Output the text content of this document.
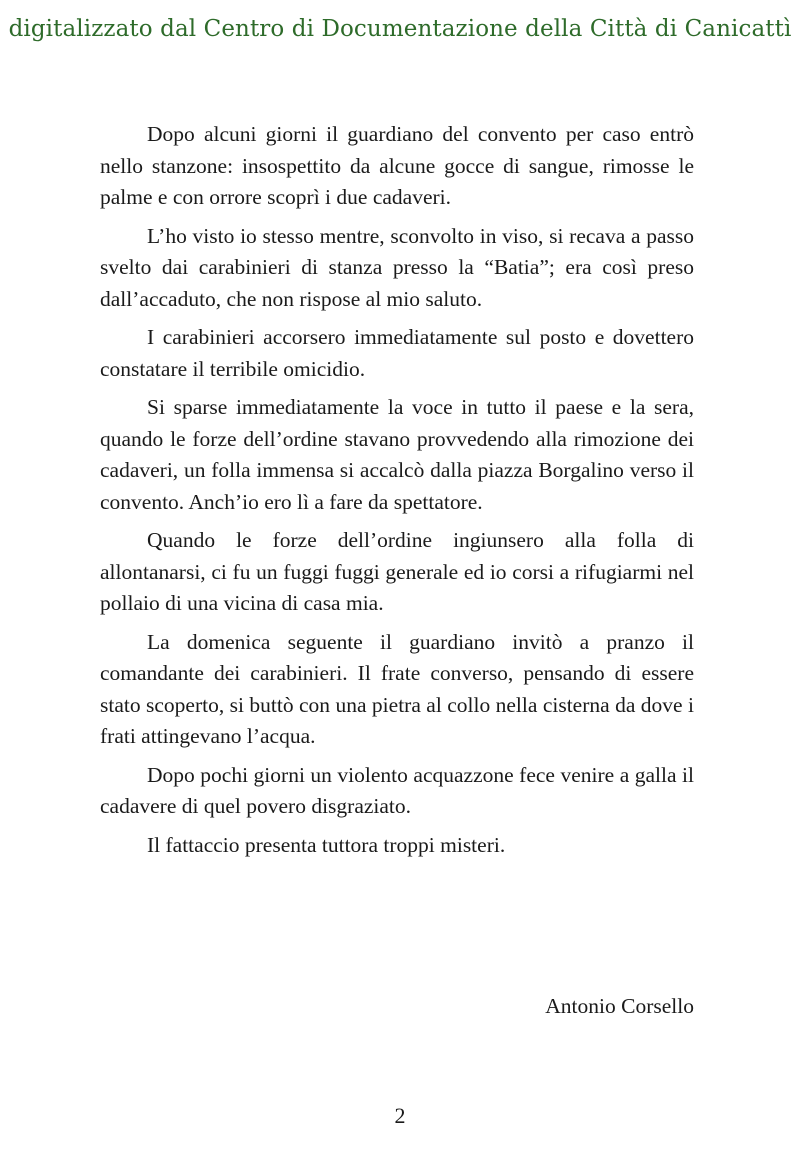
digitalizzato dal Centro di Documentazione della Città di Canicattì

Dopo alcuni giorni il guardiano del convento per caso entrò nello stanzone: insospettito da alcune gocce di sangue, rimosse le palme e con orrore scoprì i due cadaveri.

L’ho visto io stesso mentre, sconvolto in viso, si recava a passo svelto dai carabinieri di stanza presso la “Batia”; era così preso dall’accaduto, che non rispose al mio saluto.

I carabinieri accorsero immediatamente sul posto e dovettero constatare il terribile omicidio.

Si sparse immediatamente la voce in tutto il paese e la sera, quando le forze dell’ordine stavano provvedendo alla rimozione dei cadaveri, un folla immensa si accalcò dalla piazza Borgalino verso il convento. Anch’io ero lì a fare da spettatore.

Quando le forze dell’ordine ingiunsero alla folla di allontanarsi, ci fu un fuggi fuggi generale ed io corsi a rifugiarmi nel pollaio di una vicina di casa mia.

La domenica seguente il guardiano invitò a pranzo il comandante dei carabinieri. Il frate converso, pensando di essere stato scoperto, si buttò con una pietra al collo nella cisterna da dove i frati attingevano l’acqua.

Dopo pochi giorni un violento acquazzone fece venire a galla il cadavere di quel povero disgraziato.

Il fattaccio presenta tuttora troppi misteri.

Antonio Corsello
2
